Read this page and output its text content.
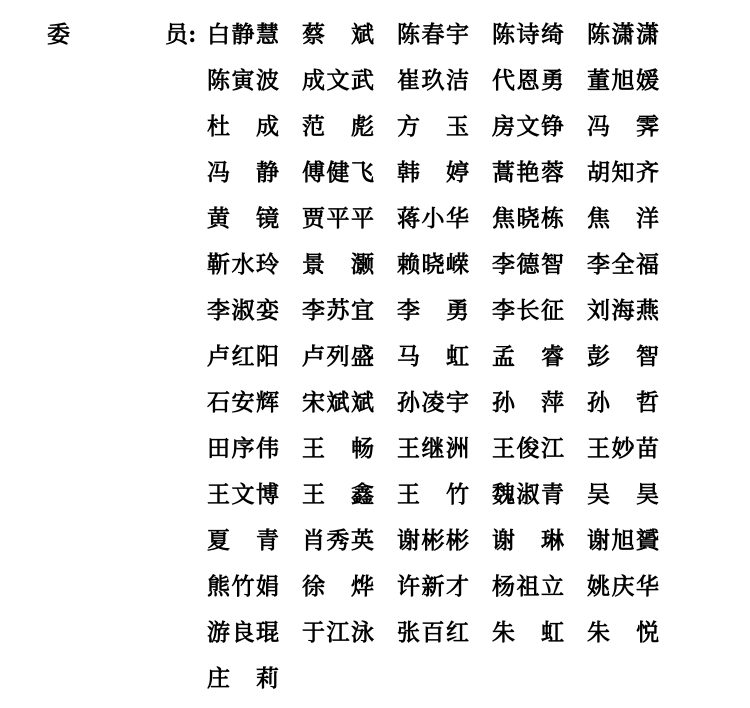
委	员: 白静慧 蔡 斌 陈春宇 陈诗绮 陈潇潇
陈寅波 成文武 崔玖洁 代恩勇 董旭媛
杜 成 范 彪 方 玉 房文铮 冯 霁
冯 静 傅健飞 韩 婷 蒿艳蓉 胡知齐
黄 镜 贾平平 蒋小华 焦晓栋 焦 洋
靳水玲 景 灏 赖晓嵘 李德智 李全福
李淑娈 李苏宜 李 勇 李长征 刘海燕
卢红阳 卢列盛 马 虹 孟 睿 彭 智
石安辉 宋斌斌 孙凌宇 孙 萍 孙 哲
田序伟 王 畅 王继洲 王俊江 王妙苗
王文博 王 鑫 王 竹 魏淑青 吴 昊
夏 青 肖秀英 谢彬彬 谢 琳 谢旭贇
熊竹娟 徐 烨 许新才 杨祖立 姚庆华
游良琨 于江泳 张百红 朱 虹 朱 悦
庄 莉
